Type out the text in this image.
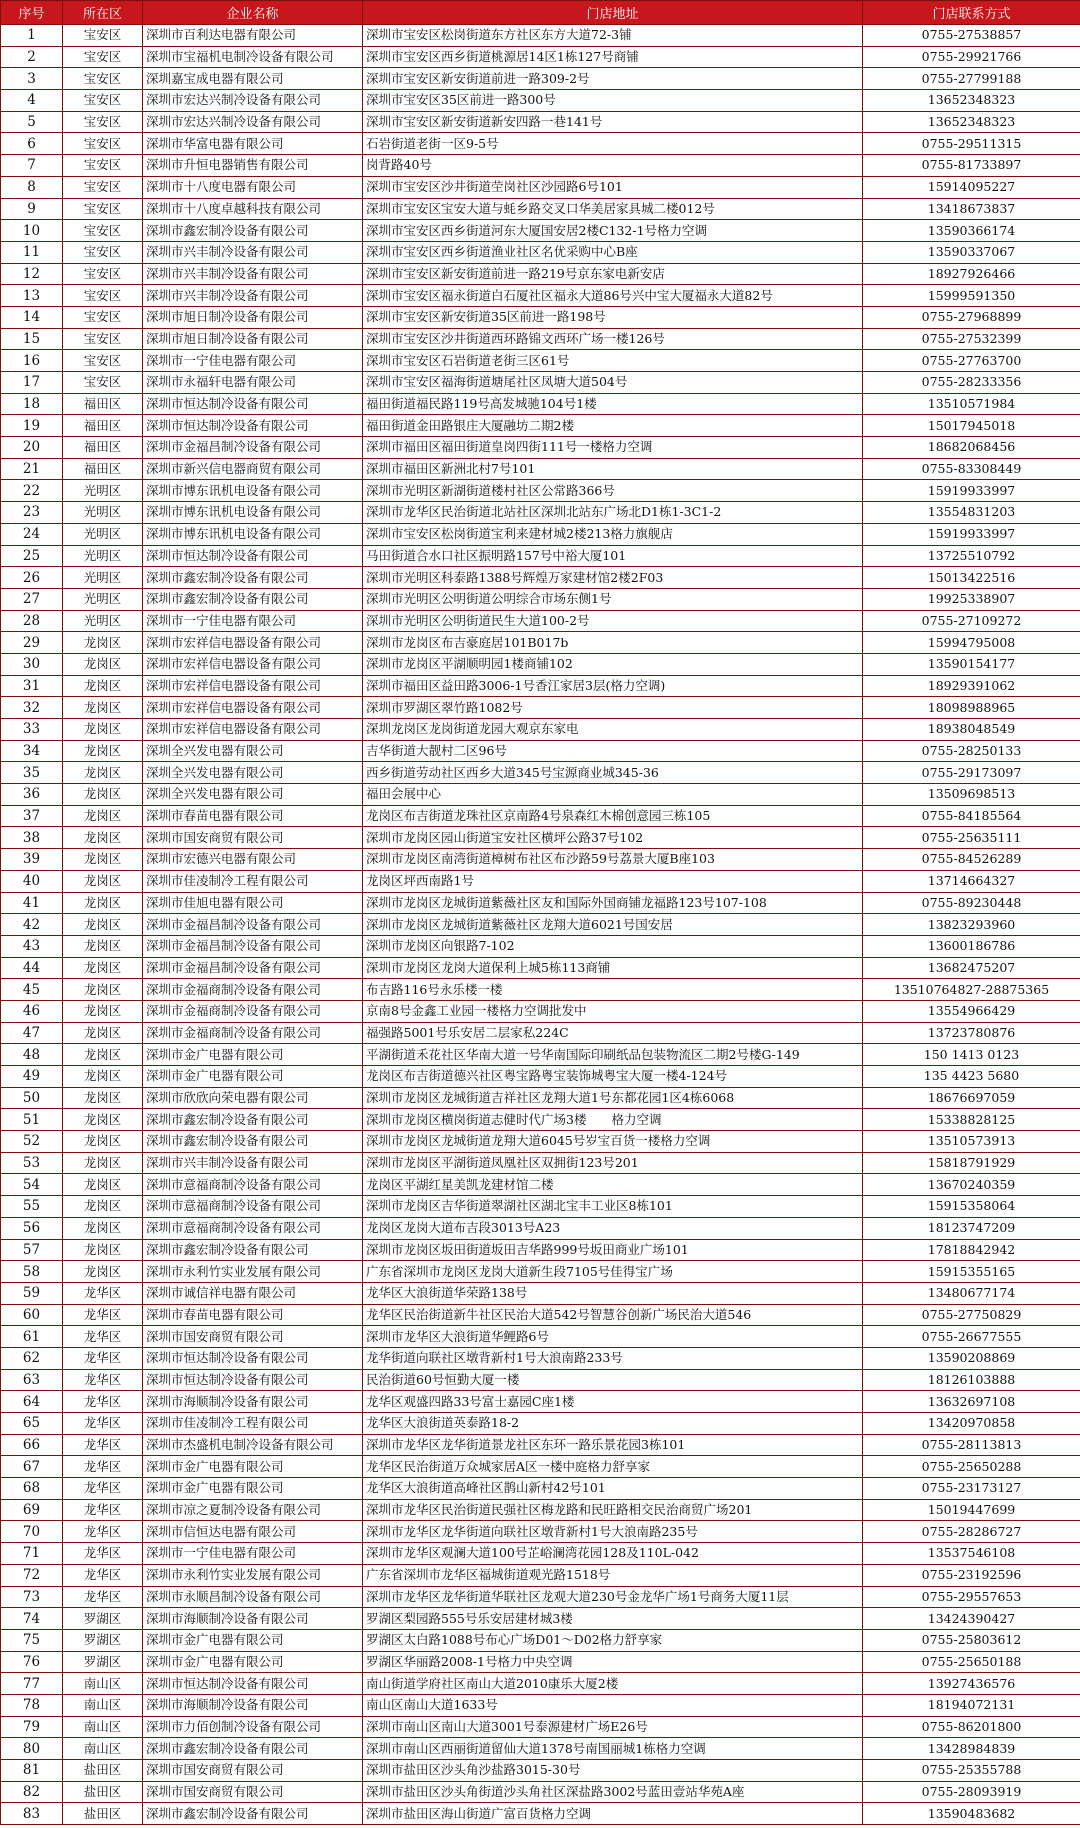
序号	所在区	企业名称	门店地址	门店联系方式
1	宝安区	深圳市百利达电器有限公司	深圳市宝安区松岗街道东方社区东方大道72-3铺	0755-27538857
2	宝安区	深圳市宝福机电制冷设备有限公司	深圳市宝安区西乡街道桃源居14区1栋127号商铺	0755-29921766
3	宝安区	深圳嘉宝成电器有限公司	深圳市宝安区新安街道前进一路309-2号	0755-27799188
4	宝安区	深圳市宏达兴制冷设备有限公司	深圳市宝安区35区前进一路300号	13652348323
5	宝安区	深圳市宏达兴制冷设备有限公司	深圳市宝安区新安街道新安四路一巷141号	13652348323
6	宝安区	深圳市华富电器有限公司	石岩街道老街一区9-5号	0755-29511315
7	宝安区	深圳市升恒电器销售有限公司	岗背路40号	0755-81733897
8	宝安区	深圳市十八度电器有限公司	深圳市宝安区沙井街道茔岗社区沙园路6号101	15914095227
9	宝安区	深圳市十八度卓越科技有限公司	深圳市宝安区宝安大道与蚝乡路交叉口华美居家具城二楼012号	13418673837
10	宝安区	深圳市鑫宏制冷设备有限公司	深圳市宝安区西乡街道河东大厦国安居2楼C132-1号格力空调	13590366174
11	宝安区	深圳市兴丰制冷设备有限公司	深圳市宝安区西乡街道渔业社区名优采购中心B座	13590337067
12	宝安区	深圳市兴丰制冷设备有限公司	深圳市宝安区新安街道前进一路219号京东家电新安店	18927926466
13	宝安区	深圳市兴丰制冷设备有限公司	深圳市宝安区福永街道白石厦社区福永大道86号兴中宝大厦福永大道82号	15999591350
14	宝安区	深圳市旭日制冷设备有限公司	深圳市宝安区新安街道35区前进一路198号	0755-27968899
15	宝安区	深圳市旭日制冷设备有限公司	深圳市宝安区沙井街道西环路锦文西环广场一楼126号	0755-27532399
16	宝安区	深圳市一宁佳电器有限公司	深圳市宝安区石岩街道老街三区61号	0755-27763700
17	宝安区	深圳市永福轩电器有限公司	深圳市宝安区福海街道塘尾社区凤塘大道504号	0755-28233356
18	福田区	深圳市恒达制冷设备有限公司	福田街道福民路119号高发城驰104号1楼	13510571984
19	福田区	深圳市恒达制冷设备有限公司	福田街道金田路银庄大厦融坊二期2楼	15017945018
20	福田区	深圳市金福昌制冷设备有限公司	深圳市福田区福田街道皇岗四街111号一楼格力空调	18682068456
21	福田区	深圳市新兴信电器商贸有限公司	深圳市福田区新洲北村7号101	0755-83308449
22	光明区	深圳市博东讯机电设备有限公司	深圳市光明区新湖街道楼村社区公常路366号	15919933997
23	光明区	深圳市博东讯机电设备有限公司	深圳市龙华区民治街道北站社区深圳北站东广场北D1栋1-3C1-2	13554831203
24	光明区	深圳市博东讯机电设备有限公司	深圳市宝安区松岗街道宝利来建材城2楼213格力旗舰店	15919933997
25	光明区	深圳市恒达制冷设备有限公司	马田街道合水口社区振明路157号中裕大厦101	13725510792
26	光明区	深圳市鑫宏制冷设备有限公司	深圳市光明区科泰路1388号辉煌万家建材馆2楼2F03	15013422516
27	光明区	深圳市鑫宏制冷设备有限公司	深圳市光明区公明街道公明综合市场东侧1号	19925338907
28	光明区	深圳市一宁佳电器有限公司	深圳市光明区公明街道民生大道100-2号	0755-27109272
29	龙岗区	深圳市宏祥信电器设备有限公司	深圳市龙岗区布吉豪庭居101B017b	15994795008
30	龙岗区	深圳市宏祥信电器设备有限公司	深圳市龙岗区平湖顺明园1楼商铺102	13590154177
31	龙岗区	深圳市宏祥信电器设备有限公司	深圳市福田区益田路3006-1号香江家居3层(格力空调)	18929391062
32	龙岗区	深圳市宏祥信电器设备有限公司	深圳市罗湖区翠竹路1082号	18098988965
33	龙岗区	深圳市宏祥信电器设备有限公司	深圳龙岗区龙岗街道龙园大观京东家电	18938048549
34	龙岗区	深圳全兴发电器有限公司	吉华街道大靓村二区96号	0755-28250133
35	龙岗区	深圳全兴发电器有限公司	西乡街道劳动社区西乡大道345号宝源商业城345-36	0755-29173097
36	龙岗区	深圳全兴发电器有限公司	福田会展中心	13509698513
37	龙岗区	深圳市春苗电器有限公司	龙岗区布吉街道龙珠社区京南路4号泉森红木棉创意园三栋105	0755-84185564
38	龙岗区	深圳市国安商贸有限公司	深圳市龙岗区园山街道宝安社区横坪公路37号102	0755-25635111
39	龙岗区	深圳市宏德兴电器有限公司	深圳市龙岗区南湾街道樟树布社区布沙路59号荔景大厦B座103	0755-84526289
40	龙岗区	深圳市佳凌制冷工程有限公司	龙岗区坪西南路1号	13714664327
41	龙岗区	深圳市佳旭电器有限公司	深圳市龙岗区龙城街道紫薇社区友和国际外国商铺龙福路123号107-108	0755-89230448
42	龙岗区	深圳市金福昌制冷设备有限公司	深圳市龙岗区龙城街道紫薇社区龙翔大道6021号国安居	13823293960
43	龙岗区	深圳市金福昌制冷设备有限公司	深圳市龙岗区向银路7-102	13600186786
44	龙岗区	深圳市金福昌制冷设备有限公司	深圳市龙岗区龙岗大道保利上城5栋113商铺	13682475207
45	龙岗区	深圳市金福商制冷设备有限公司	布吉路116号永乐楼一楼	13510764827-28875365
46	龙岗区	深圳市金福商制冷设备有限公司	京南8号金鑫工业园一楼格力空调批发中	13554966429
47	龙岗区	深圳市金福商制冷设备有限公司	福强路5001号乐安居二层家私224C	13723780876
48	龙岗区	深圳市金广电器有限公司	平湖街道禾花社区华南大道一号华南国际印刷纸品包装物流区二期2号楼G-149	150 1413 0123
49	龙岗区	深圳市金广电器有限公司	龙岗区布吉街道德兴社区粤宝路粤宝装饰城粤宝大厦一楼4-124号	135 4423 5680
50	龙岗区	深圳市欣欣向荣电器有限公司	深圳市龙岗区龙城街道吉祥社区龙翔大道1号东都花园1区4栋6068	18676697059
51	龙岗区	深圳市鑫宏制冷设备有限公司	深圳市龙岗区横岗街道志健时代广场3楼　　格力空调	15338828125
52	龙岗区	深圳市鑫宏制冷设备有限公司	深圳市龙岗区龙城街道龙翔大道6045号岁宝百货一楼格力空调	13510573913
53	龙岗区	深圳市兴丰制冷设备有限公司	深圳市龙岗区平湖街道凤凰社区双拥街123号201	15818791929
54	龙岗区	深圳市意福商制冷设备有限公司	龙岗区平湖红星美凯龙建材馆二楼	13670240359
55	龙岗区	深圳市意福商制冷设备有限公司	深圳市龙岗区吉华街道翠湖社区湖北宝丰工业区8栋101	15915358064
56	龙岗区	深圳市意福商制冷设备有限公司	龙岗区龙岗大道布吉段3013号A23	18123747209
57	龙岗区	深圳市鑫宏制冷设备有限公司	深圳市龙岗区坂田街道坂田吉华路999号坂田商业广场101	17818842942
58	龙岗区	深圳市永利竹实业发展有限公司	广东省深圳市龙岗区龙岗大道新生段7105号佳得宝广场	15915355165
59	龙华区	深圳市诚信祥电器有限公司	龙华区大浪街道华荣路138号	13480677174
60	龙华区	深圳市春苗电器有限公司	龙华区民治街道新牛社区民治大道542号智慧谷创新广场民治大道546	0755-27750829
61	龙华区	深圳市国安商贸有限公司	深圳市龙华区大浪街道华鲤路6号	0755-26677555
62	龙华区	深圳市恒达制冷设备有限公司	龙华街道向联社区墩背新村1号大浪南路233号	13590208869
63	龙华区	深圳市恒达制冷设备有限公司	民治街道60号恒勤大厦一楼	18126103888
64	龙华区	深圳市海顺制冷设备有限公司	龙华区观盛四路33号富士嘉园C座1楼	13632697108
65	龙华区	深圳市佳凌制冷工程有限公司	龙华区大浪街道英泰路18-2	13420970858
66	龙华区	深圳市杰盛机电制冷设备有限公司	深圳市龙华区龙华街道景龙社区东环一路乐景花园3栋101	0755-28113813
67	龙华区	深圳市金广电器有限公司	龙华区民治街道万众城家居A区一楼中庭格力舒享家	0755-25650288
68	龙华区	深圳市金广电器有限公司	龙华区大浪街道高峰社区鹊山新村42号101	0755-23173127
69	龙华区	深圳市凉之夏制冷设备有限公司	深圳市龙华区民治街道民强社区梅龙路和民旺路相交民治商贸广场201	15019447699
70	龙华区	深圳市信恒达电器有限公司	深圳市龙华区龙华街道向联社区墩背新村1号大浪南路235号	0755-28286727
71	龙华区	深圳市一宁佳电器有限公司	深圳市龙华区观澜大道100号芷峪澜湾花园128及110L-042	13537546108
72	龙华区	深圳市永利竹实业发展有限公司	广东省深圳市龙华区福城街道观光路1518号	0755-23192596
73	龙华区	深圳市永顺昌制冷设备有限公司	深圳市龙华区龙华街道华联社区龙观大道230号金龙华广场1号商务大厦11层	0755-29557653
74	罗湖区	深圳市海顺制冷设备有限公司	罗湖区梨园路555号乐安居建材城3楼	13424390427
75	罗湖区	深圳市金广电器有限公司	罗湖区太白路1088号布心广场D01～D02格力舒享家	0755-25803612
76	罗湖区	深圳市金广电器有限公司	罗湖区华丽路2008-1号格力中央空调	0755-25650188
77	南山区	深圳市恒达制冷设备有限公司	南山街道学府社区南山大道2010康乐大厦2楼	13927436576
78	南山区	深圳市海顺制冷设备有限公司	南山区南山大道1633号	18194072131
79	南山区	深圳市力佰创制冷设备有限公司	深圳市南山区南山大道3001号泰源建材广场E26号	0755-86201800
80	南山区	深圳市鑫宏制冷设备有限公司	深圳市南山区西丽街道留仙大道1378号南国丽城1栋格力空调	13428984839
81	盐田区	深圳市国安商贸有限公司	深圳市盐田区沙头角沙盐路3015-30号	0755-25355788
82	盐田区	深圳市国安商贸有限公司	深圳市盐田区沙头角街道沙头角社区深盐路3002号蓝田壹站华苑A座	0755-28093919
83	盐田区	深圳市鑫宏制冷设备有限公司	深圳市盐田区海山街道广富百货格力空调	13590483682
